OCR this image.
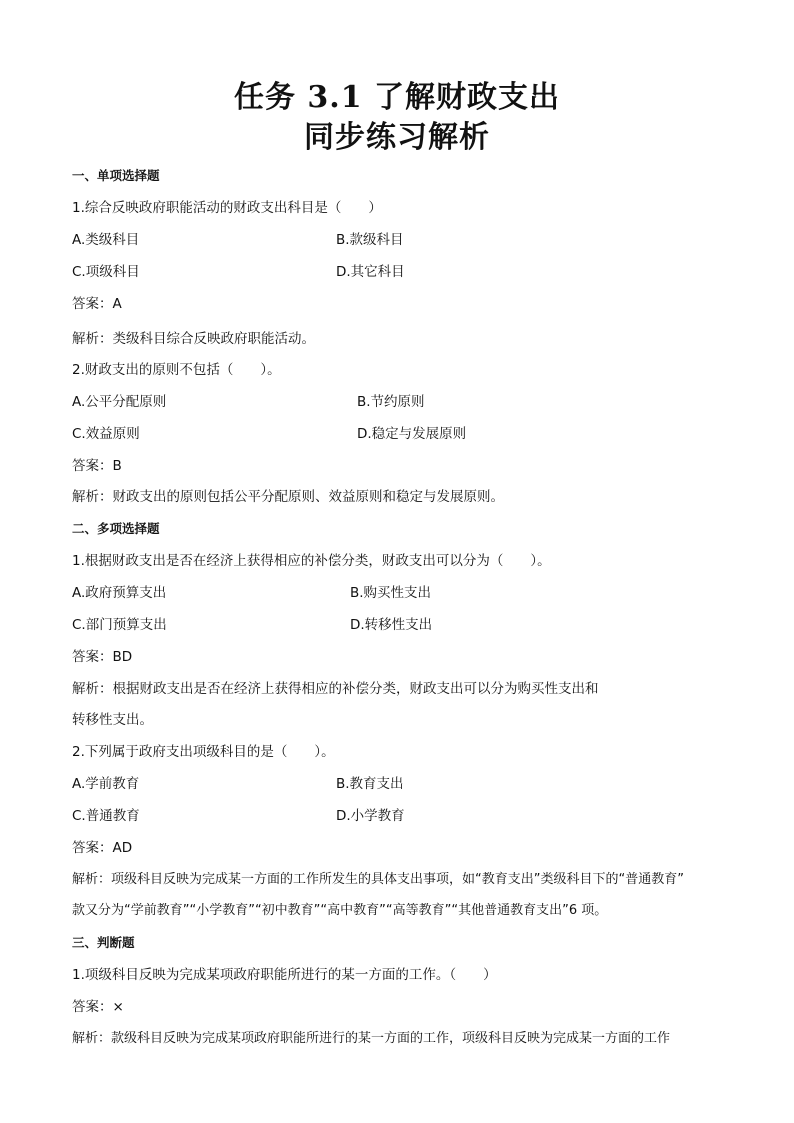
任务 3.1 了解财政支出
同步练习解析
一、单项选择题
1.综合反映政府职能活动的财政支出科目是（　　）
A.类级科目	B.款级科目
C.项级科目	D.其它科目
答案：A
解析：类级科目综合反映政府职能活动。
2.财政支出的原则不包括（　　）。
A.公平分配原则	B.节约原则
C.效益原则	D.稳定与发展原则
答案：B
解析：财政支出的原则包括公平分配原则、效益原则和稳定与发展原则。
二、多项选择题
1.根据财政支出是否在经济上获得相应的补偿分类，财政支出可以分为（　　）。
A.政府预算支出	B.购买性支出
C.部门预算支出	D.转移性支出
答案：BD
解析：根据财政支出是否在经济上获得相应的补偿分类，财政支出可以分为购买性支出和
转移性支出。
2.下列属于政府支出项级科目的是（　　）。
A.学前教育	B.教育支出
C.普通教育	D.小学教育
答案：AD
解析：项级科目反映为完成某一方面的工作所发生的具体支出事项，如“教育支出”类级科目下的“普通教育”
款又分为“学前教育”“小学教育”“初中教育”“高中教育”“高等教育”“其他普通教育支出”6 项。
三、判断题
1.项级科目反映为完成某项政府职能所进行的某一方面的工作。（　　）
答案：×
解析：款级科目反映为完成某项政府职能所进行的某一方面的工作，项级科目反映为完成某一方面的工作
